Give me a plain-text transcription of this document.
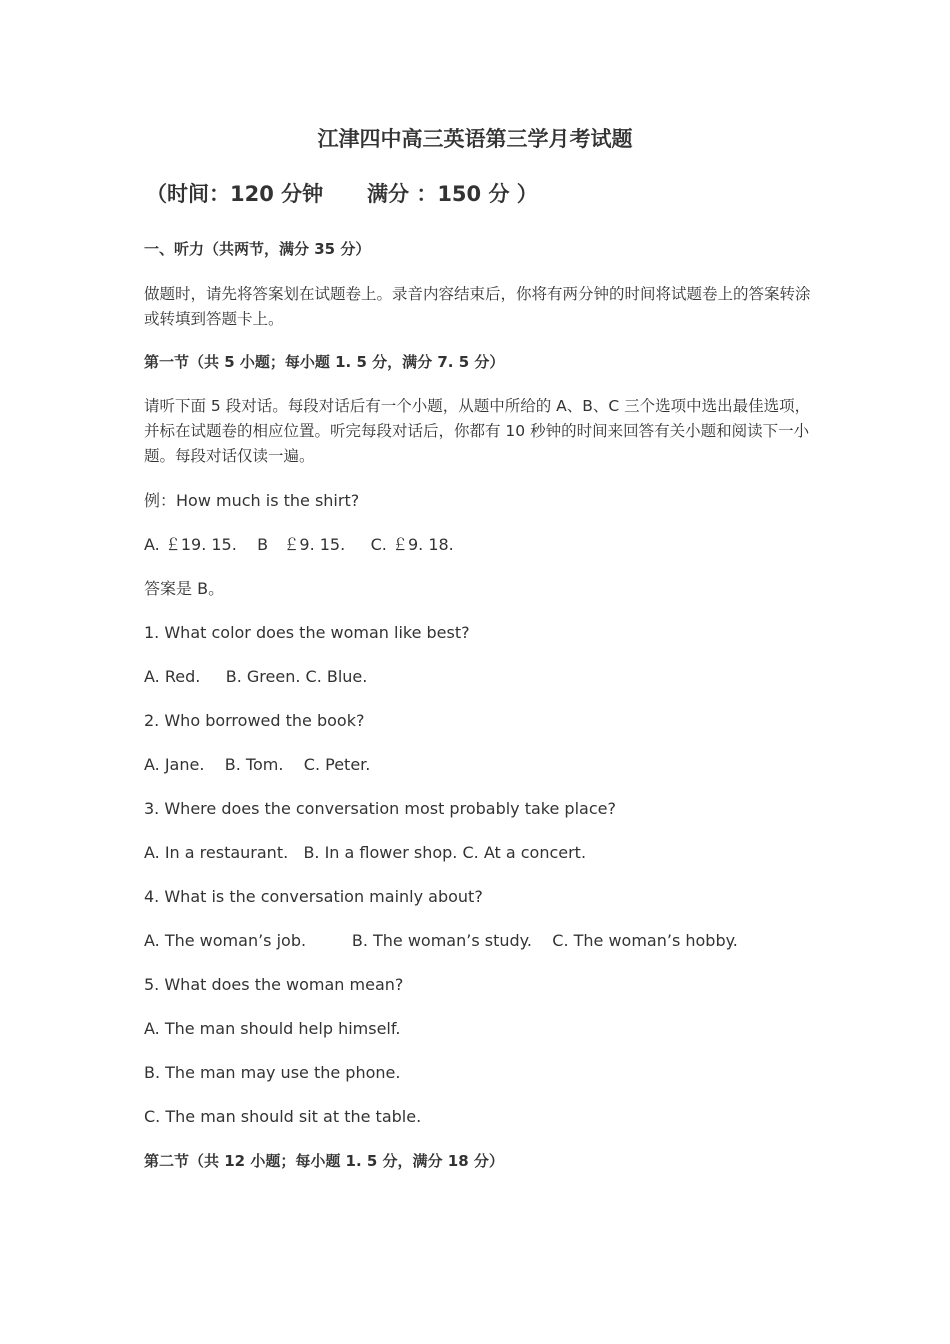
江津四中高三英语第三学月考试题
（时间：120 分钟      满分 ：150 分 ）
一、听力（共两节，满分 35 分）
做题时，请先将答案划在试题卷上。录音内容结束后，你将有两分钟的时间将试题卷上的答案转涂或转填到答题卡上。
第一节（共 5 小题；每小题 1. 5 分，满分 7. 5 分）
请听下面 5 段对话。每段对话后有一个小题，从题中所给的 A、B、C 三个选项中选出最佳选项，并标在试题卷的相应位置。听完每段对话后，你都有 10 秒钟的时间来回答有关小题和阅读下一小题。每段对话仅读一遍。
例：How much is the shirt?
A. ￡19. 15.    B   ￡9. 15.     C. ￡9. 18.
答案是 B。
1. What color does the woman like best?
A. Red.     B. Green. C. Blue.
2. Who borrowed the book?
A. Jane.    B. Tom.    C. Peter.
3. Where does the conversation most probably take place?
A. In a restaurant.   B. In a flower shop. C. At a concert.
4. What is the conversation mainly about?
A. The woman’s job.         B. The woman’s study.    C. The woman’s hobby.
5. What does the woman mean?
A. The man should help himself.
B. The man may use the phone.
C. The man should sit at the table.
第二节（共 12 小题；每小题 1. 5 分，满分 18 分）
